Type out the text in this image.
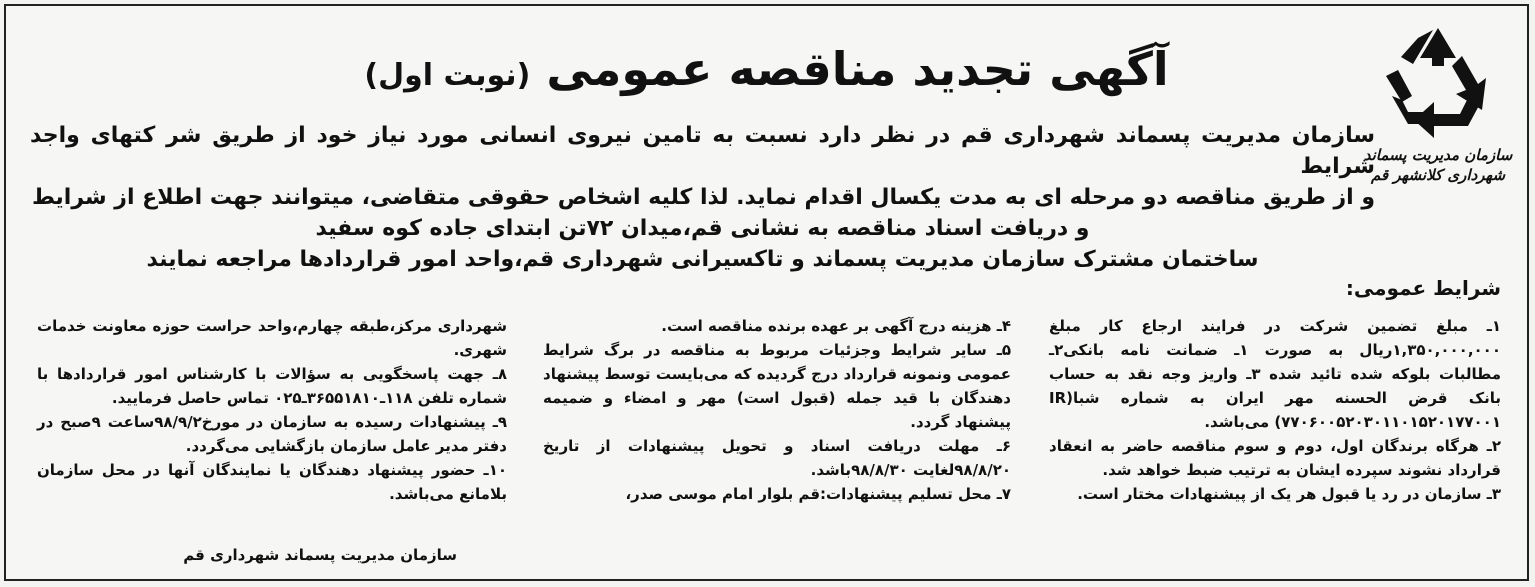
سازمان مدیریت پسماند
شهرداری کلانشهر قم
آگهی تجدید مناقصه عمومی (نوبت اول)

سازمان مدیریت پسماند شهرداری قم در نظر دارد نسبت به تامین نیروی انسانی مورد نیاز خود از طریق شر کتهای واجد شرایط

و از طریق مناقصه دو مرحله ای به مدت یکسال اقدام نماید. لذا کلیه اشخاص حقوقی متقاضی، میتوانند جهت اطلاع از شرایط

و دریافت اسناد مناقصه به نشانی قم،میدان ۷۲تن ابتدای جاده کوه سفید

ساختمان مشترک سازمان مدیریت پسماند و تاکسیرانی شهرداری قم،واحد امور قراردادها مراجعه نمایند

شرایط عمومی:

۱ـ مبلغ تضمین شرکت در فرایند ارجاع کار مبلغ ۱,۳۵۰,۰۰۰,۰۰۰ریال به صورت ۱ـ ضمانت نامه بانکی۲ـ مطالبات بلوکه شده تائید شده ۳ـ واریز وجه نقد به حساب بانک قرض الحسنه مهر ایران به شماره شبا(IR ۷۷۰۶۰۰۵۲۰۳۰۱۱۰۱۵۲۰۱۷۷۰۰۱) می‌باشد.

۲ـ هرگاه برندگان اول، دوم و سوم مناقصه حاضر به انعقاد قرارداد نشوند سپرده ایشان به ترتیب ضبط خواهد شد.

۳ـ سازمان در رد یا قبول هر یک از پیشنهادات مختار است.

۴ـ هزینه درج آگهی بر عهده برنده مناقصه است.

۵ـ سایر شرایط وجزئیات مربوط به مناقصه در برگ شرایط عمومی ونمونه قرارداد درج گردیده که می‌بایست توسط پیشنهاد دهندگان با قید جمله (قبول است) مهر و امضاء و ضمیمه پیشنهاد گردد.

۶ـ مهلت دریافت اسناد و تحویل پیشنهادات از تاریخ ۹۸/۸/۲۰لغایت ۹۸/۸/۳۰باشد.

۷ـ محل تسلیم پیشنهادات:قم بلوار امام موسی صدر،

شهرداری مرکز،طبقه چهارم،واحد حراست حوزه معاونت خدمات شهری.

۸ـ جهت پاسخگویی به سؤالات با کارشناس امور قراردادها با شماره تلفن ۱۱۸ـ۳۶۵۵۱۸۱۰ـ۰۲۵ تماس حاصل فرمایید.

۹ـ پیشنهادات رسیده به سازمان در مورخ۹۸/۹/۲ساعت ۹صبح در دفتر مدیر عامل سازمان بازگشایی می‌گردد.

۱۰ـ حضور پیشنهاد دهندگان یا نمایندگان آنها در محل سازمان بلامانع می‌باشد.

سازمان مدیریت پسماند شهرداری قم
